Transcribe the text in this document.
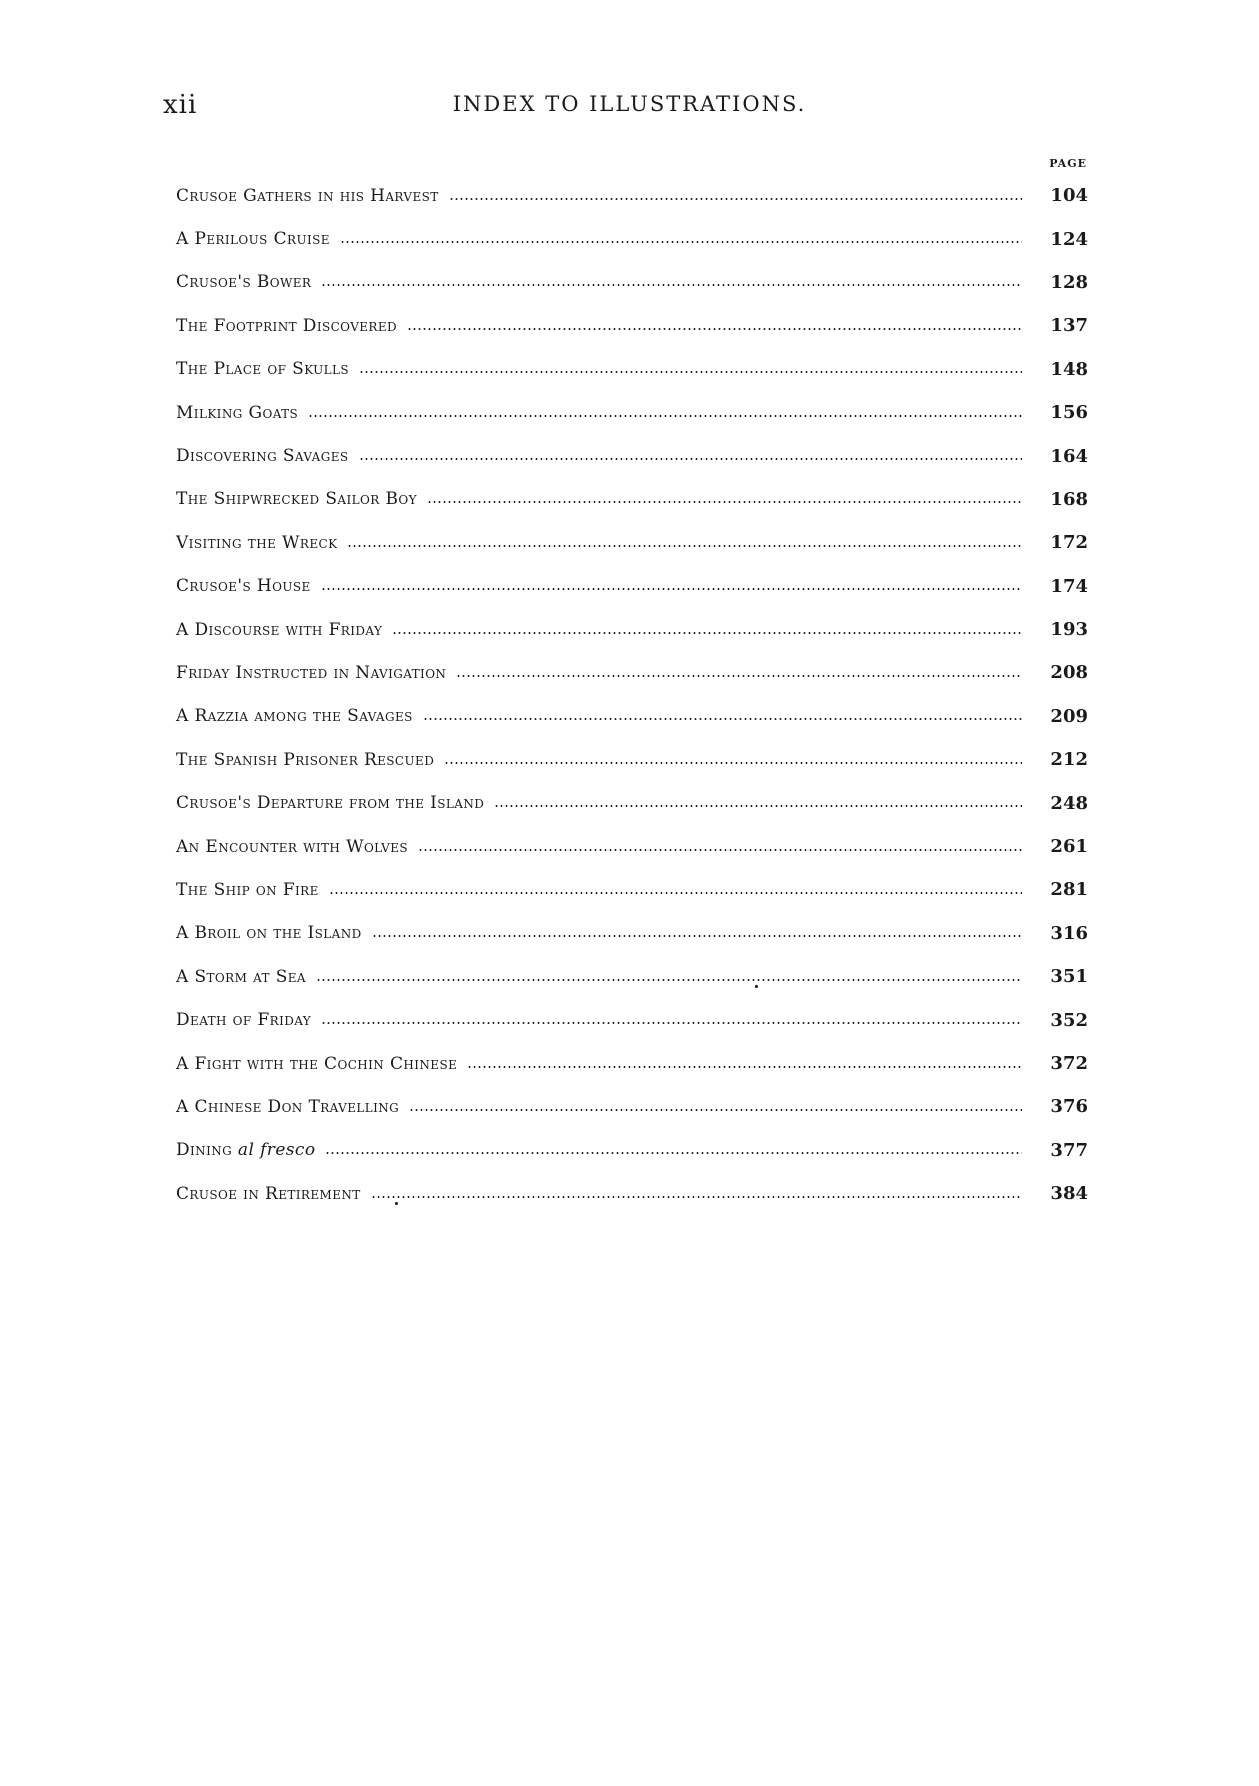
xii	INDEX TO ILLUSTRATIONS.
PAGE
Crusoe Gathers in his Harvest	104
A Perilous Cruise	124
Crusoe's Bower	128
The Footprint Discovered	137
The Place of Skulls	148
Milking Goats	156
Discovering Savages	164
The Shipwrecked Sailor Boy	168
Visiting the Wreck	172
Crusoe's House	174
A Discourse with Friday	193
Friday Instructed in Navigation	208
A Razzia among the Savages	209
The Spanish Prisoner Rescued	212
Crusoe's Departure from the Island	248
An Encounter with Wolves	261
The Ship on Fire	281
A Broil on the Island	316
A Storm at Sea	351
Death of Friday	352
A Fight with the Cochin Chinese	372
A Chinese Don Travelling	376
Dining al fresco	377
Crusoe in Retirement	384
